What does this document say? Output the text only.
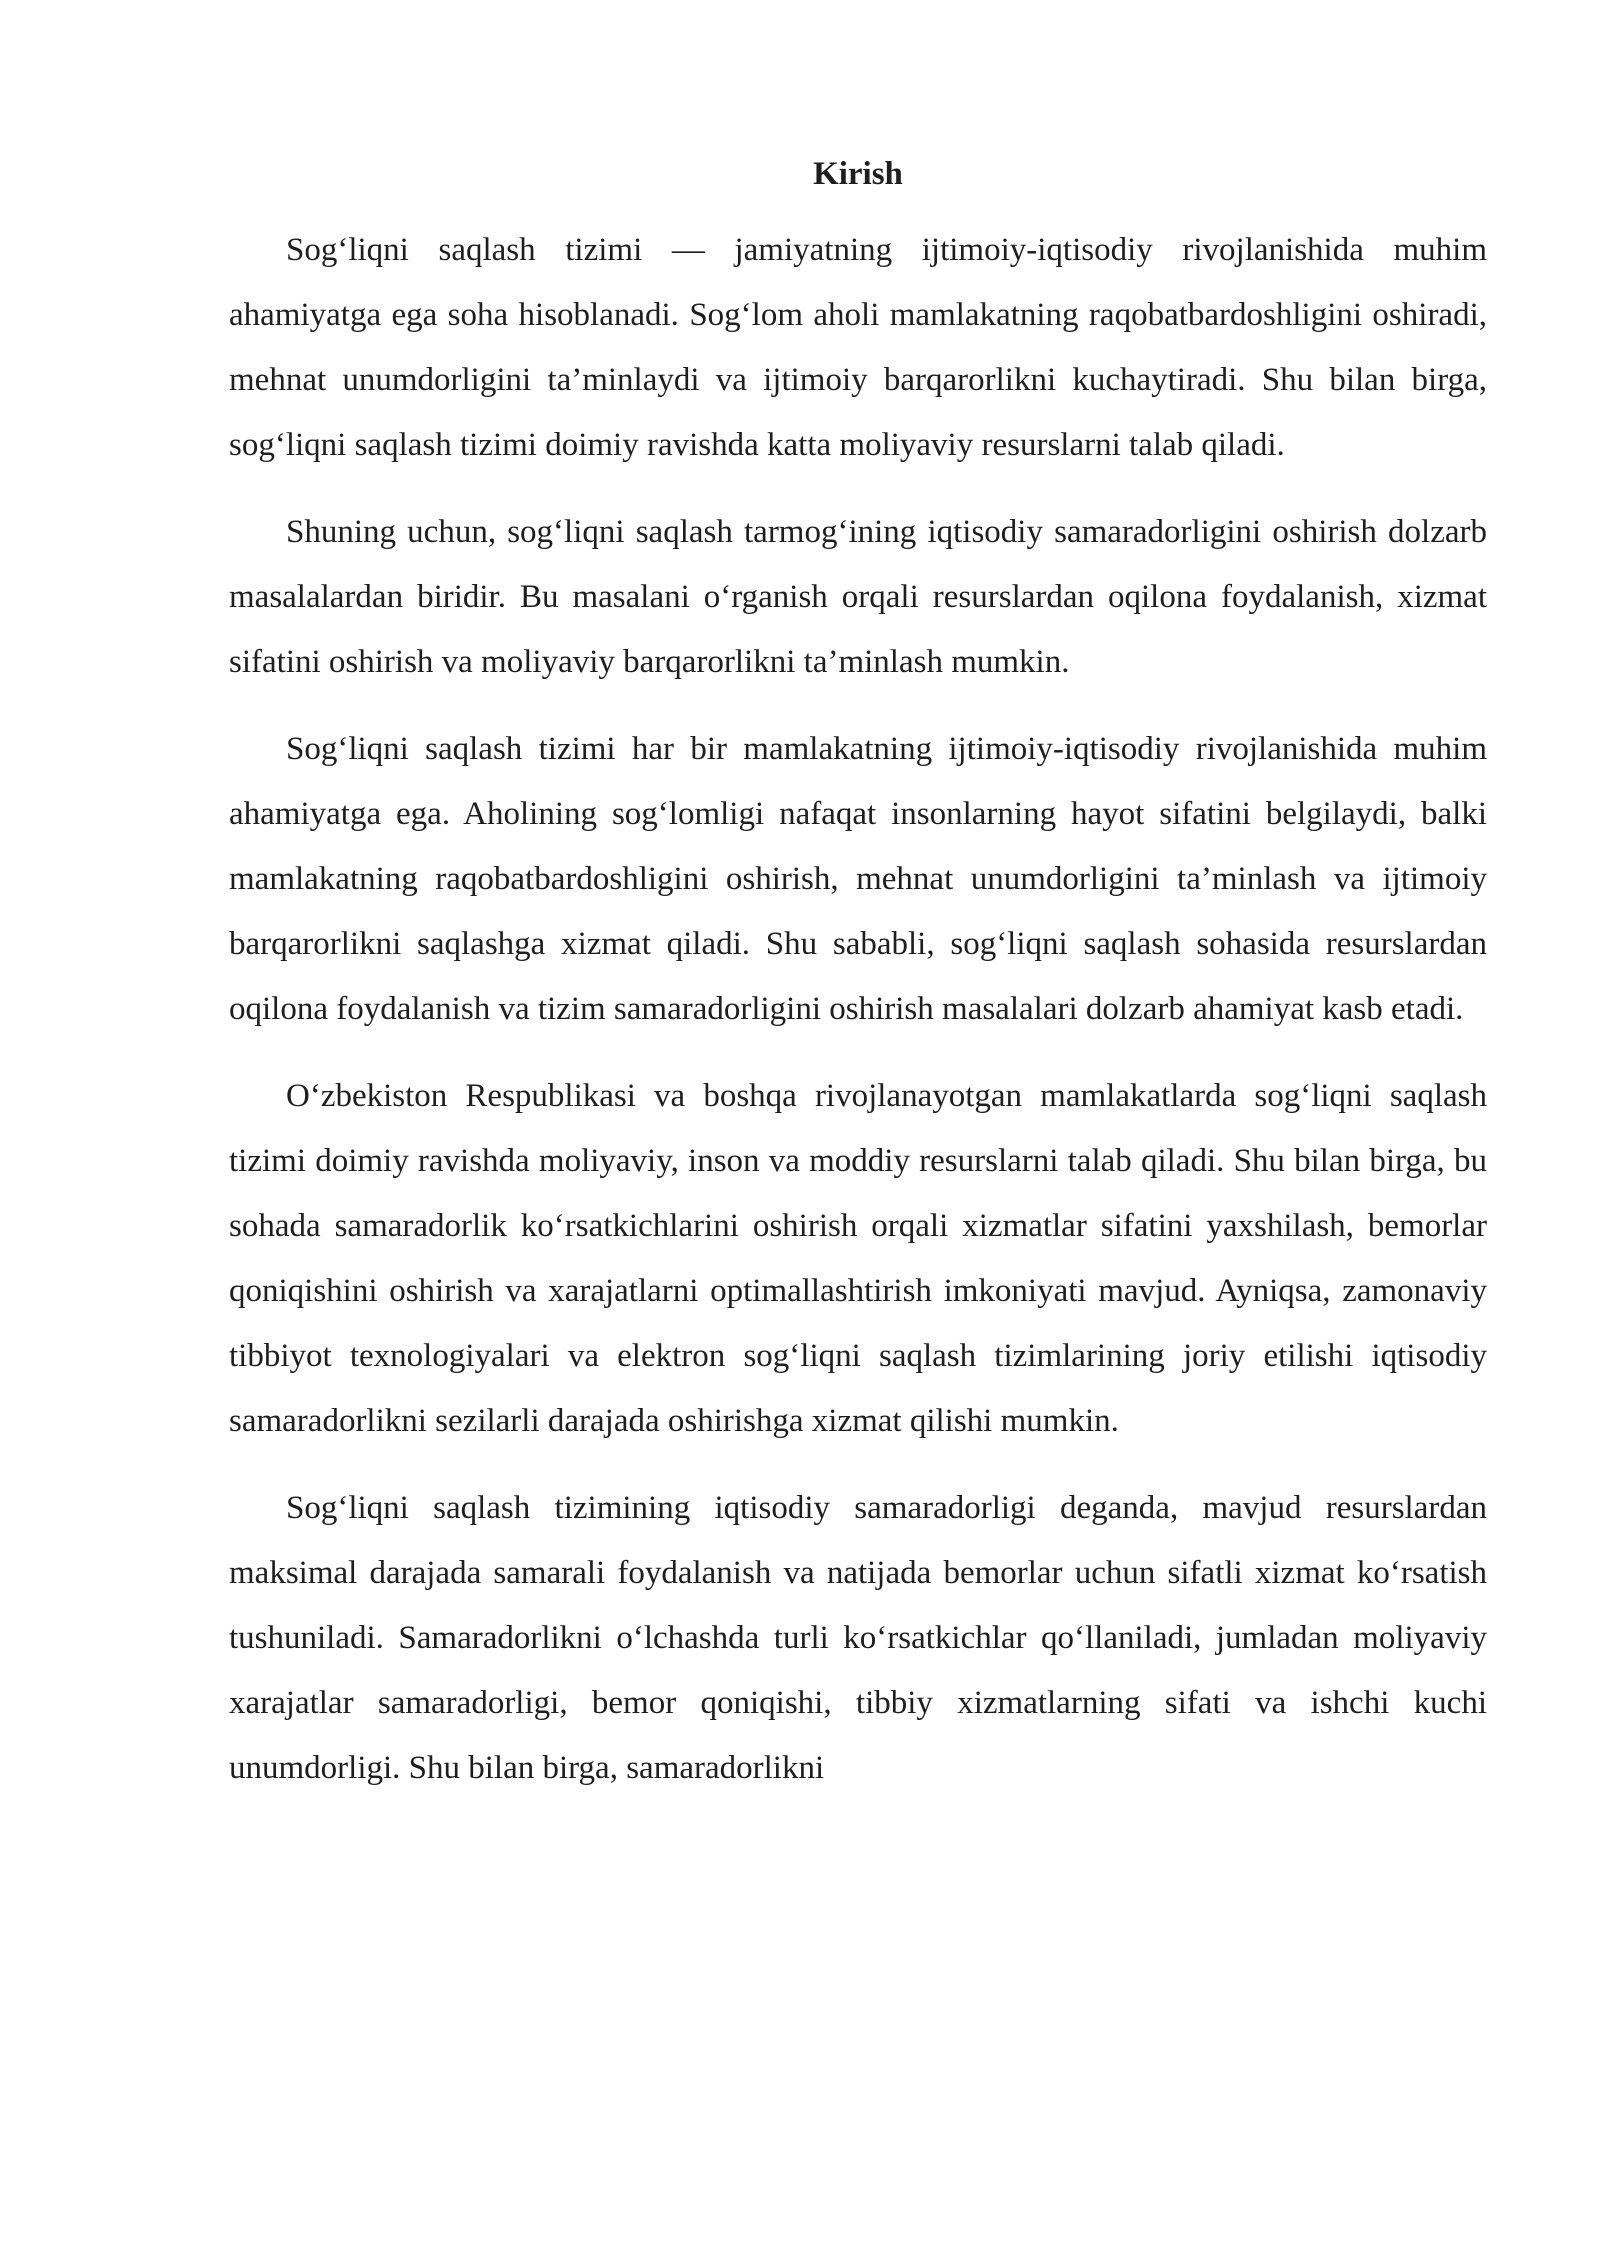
Kirish

Sog‘liqni saqlash tizimi — jamiyatning ijtimoiy-iqtisodiy rivojlanishida muhim ahamiyatga ega soha hisoblanadi. Sog‘lom aholi mamlakatning raqobatbardoshligini oshiradi, mehnat unumdorligini ta’minlaydi va ijtimoiy barqarorlikni kuchaytiradi. Shu bilan birga, sog‘liqni saqlash tizimi doimiy ravishda katta moliyaviy resurslarni talab qiladi.

Shuning uchun, sog‘liqni saqlash tarmog‘ining iqtisodiy samaradorligini oshirish dolzarb masalalardan biridir. Bu masalani o‘rganish orqali resurslardan oqilona foydalanish, xizmat sifatini oshirish va moliyaviy barqarorlikni ta’minlash mumkin.

Sog‘liqni saqlash tizimi har bir mamlakatning ijtimoiy-iqtisodiy rivojlanishida muhim ahamiyatga ega. Aholining sog‘lomligi nafaqat insonlarning hayot sifatini belgilaydi, balki mamlakatning raqobatbardoshligini oshirish, mehnat unumdorligini ta’minlash va ijtimoiy barqarorlikni saqlashga xizmat qiladi. Shu sababli, sog‘liqni saqlash sohasida resurslardan oqilona foydalanish va tizim samaradorligini oshirish masalalari dolzarb ahamiyat kasb etadi.

O‘zbekiston Respublikasi va boshqa rivojlanayotgan mamlakatlarda sog‘liqni saqlash tizimi doimiy ravishda moliyaviy, inson va moddiy resurslarni talab qiladi. Shu bilan birga, bu sohada samaradorlik ko‘rsatkichlarini oshirish orqali xizmatlar sifatini yaxshilash, bemorlar qoniqishini oshirish va xarajatlarni optimallashtirish imkoniyati mavjud. Ayniqsa, zamonaviy tibbiyot texnologiyalari va elektron sog‘liqni saqlash tizimlarining joriy etilishi iqtisodiy samaradorlikni sezilarli darajada oshirishga xizmat qilishi mumkin.

Sog‘liqni saqlash tizimining iqtisodiy samaradorligi deganda, mavjud resurslardan maksimal darajada samarali foydalanish va natijada bemorlar uchun sifatli xizmat ko‘rsatish tushuniladi. Samaradorlikni o‘lchashda turli ko‘rsatkichlar qo‘llaniladi, jumladan moliyaviy xarajatlar samaradorligi, bemor qoniqishi, tibbiy xizmatlarning sifati va ishchi kuchi unumdorligi. Shu bilan birga, samaradorlikni
